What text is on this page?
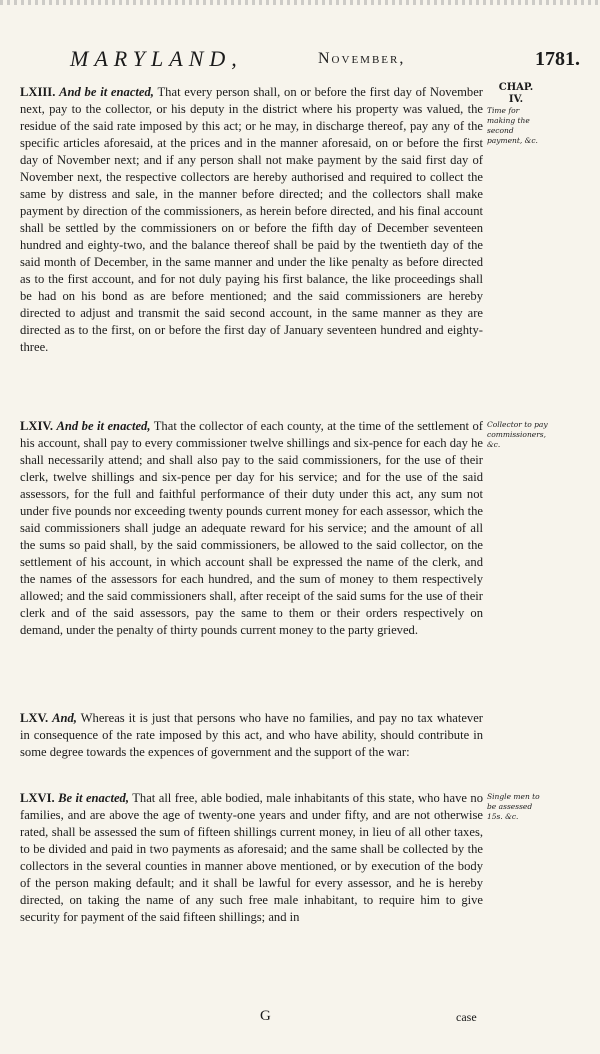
MARYLAND,	November,	1781.
CHAP.
IV.
Time for making the second payment, &c.
Collector to pay commissioners, &c.
Single men to be assessed 15s. &c.
LXIII. And be it enacted, That every person shall, on or before the first day of November next, pay to the collector, or his deputy in the district where his property was valued, the residue of the said rate imposed by this act; or he may, in discharge thereof, pay any of the specific articles aforesaid, at the prices and in the manner aforesaid, on or before the first day of November next; and if any person shall not make payment by the said first day of November next, the respective collectors are hereby authorised and required to collect the same by distress and sale, in the manner before directed; and the collectors shall make payment by direction of the commissioners, as herein before directed, and his final account shall be settled by the commissioners on or before the fifth day of December seventeen hundred and eighty-two, and the balance thereof shall be paid by the twentieth day of the said month of December, in the same manner and under the like penalty as before directed as to the first account, and for not duly paying his first balance, the like proceedings shall be had on his bond as are before mentioned; and the said commissioners are hereby directed to adjust and transmit the said second account, in the same manner as they are directed as to the first, on or before the first day of January seventeen hundred and eighty-three.
LXIV. And be it enacted, That the collector of each county, at the time of the settlement of his account, shall pay to every commissioner twelve shillings and six-pence for each day he shall necessarily attend; and shall also pay to the said commissioners, for the use of their clerk, twelve shillings and six-pence per day for his service; and for the use of the said assessors, for the full and faithful performance of their duty under this act, any sum not under five pounds nor exceeding twenty pounds current money for each assessor, which the said commissioners shall judge an adequate reward for his service; and the amount of all the sums so paid shall, by the said commissioners, be allowed to the said collector, on the settlement of his account, in which account shall be expressed the name of the clerk, and the names of the assessors for each hundred, and the sum of money to them respectively allowed; and the said commissioners shall, after receipt of the said sums for the use of their clerk and of the said assessors, pay the same to them or their orders respectively on demand, under the penalty of thirty pounds current money to the party grieved.
LXV. And, Whereas it is just that persons who have no families, and pay no tax whatever in consequence of the rate imposed by this act, and who have ability, should contribute in some degree towards the expences of government and the support of the war:
LXVI. Be it enacted, That all free, able bodied, male inhabitants of this state, who have no families, and are above the age of twenty-one years and under fifty, and are not otherwise rated, shall be assessed the sum of fifteen shillings current money, in lieu of all other taxes, to be divided and paid in two payments as aforesaid; and the same shall be collected by the collectors in the several counties in manner above mentioned, or by execution of the body of the person making default; and it shall be lawful for every assessor, and he is hereby directed, on taking the name of any such free male inhabitant, to require him to give security for payment of the said fifteen shillings; and in
G	case
